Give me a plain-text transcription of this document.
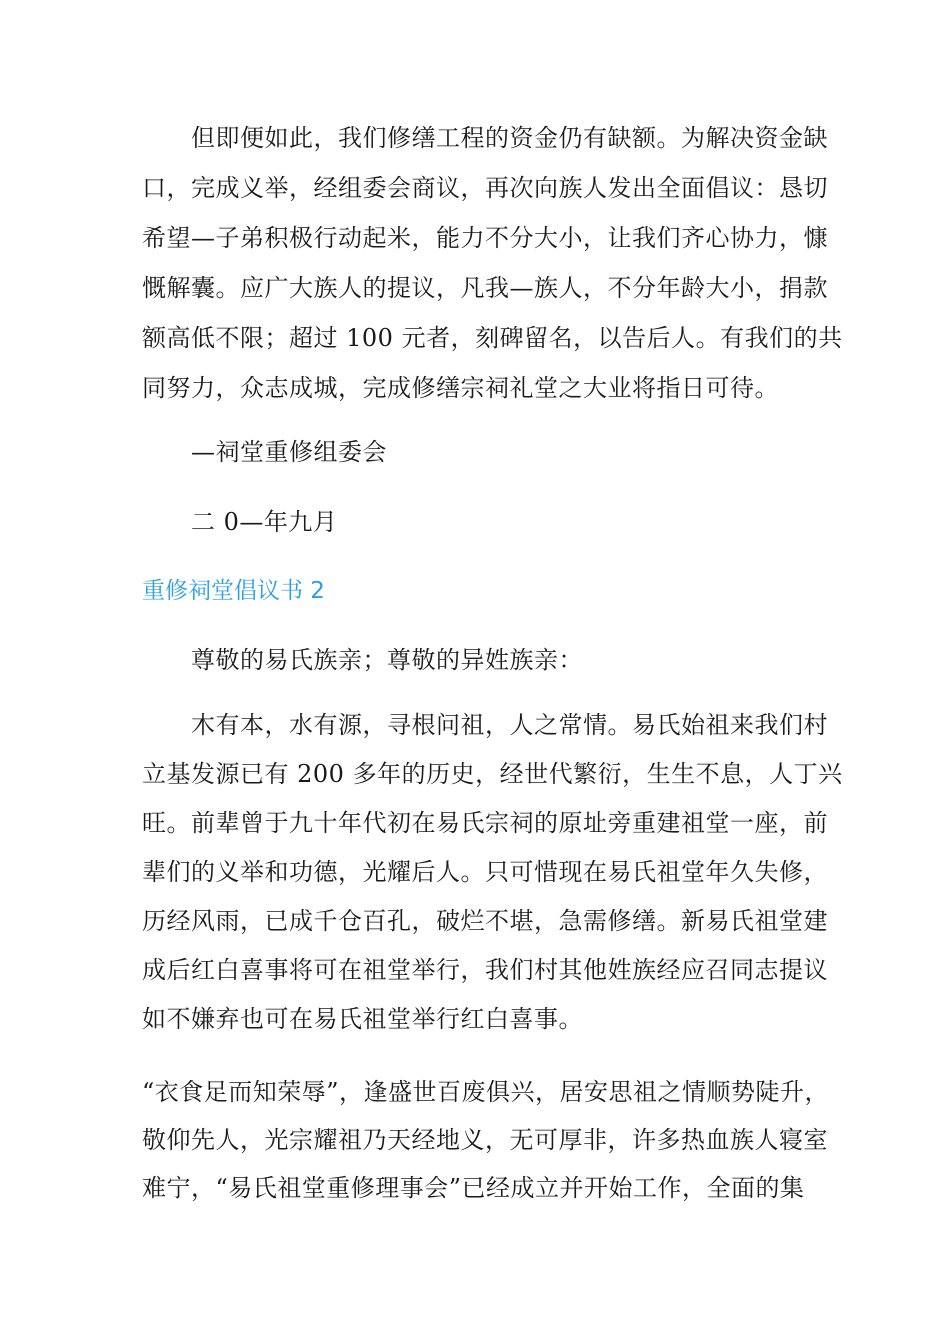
　　但即便如此，我们修缮工程的资金仍有缺额。为解决资金缺
口，完成义举，经组委会商议，再次向族人发出全面倡议：恳切
希望—子弟积极行动起米，能力不分大小，让我们齐心协力，慷
慨解囊。应广大族人的提议，凡我—族人，不分年龄大小，捐款
额高低不限；超过 100 元者，刻碑留名，以告后人。有我们的共
同努力，众志成城，完成修缮宗祠礼堂之大业将指日可待。
　　—祠堂重修组委会
　　二 0—年九月
重修祠堂倡议书 2
　　尊敬的易氏族亲；尊敬的异姓族亲：
　　木有本，水有源，寻根问祖，人之常情。易氏始祖来我们村
立基发源已有 200 多年的历史，经世代繁衍，生生不息，人丁兴
旺。前辈曾于九十年代初在易氏宗祠的原址旁重建祖堂一座，前
辈们的义举和功德，光耀后人。只可惜现在易氏祖堂年久失修，
历经风雨，已成千仓百孔，破烂不堪，急需修缮。新易氏祖堂建
成后红白喜事将可在祖堂举行，我们村其他姓族经应召同志提议
如不嫌弃也可在易氏祖堂举行红白喜事。
“衣食足而知荣辱”，逢盛世百废俱兴，居安思祖之情顺势陡升，
敬仰先人，光宗耀祖乃天经地义，无可厚非，许多热血族人寝室
难宁，“易氏祖堂重修理事会”已经成立并开始工作，全面的集
